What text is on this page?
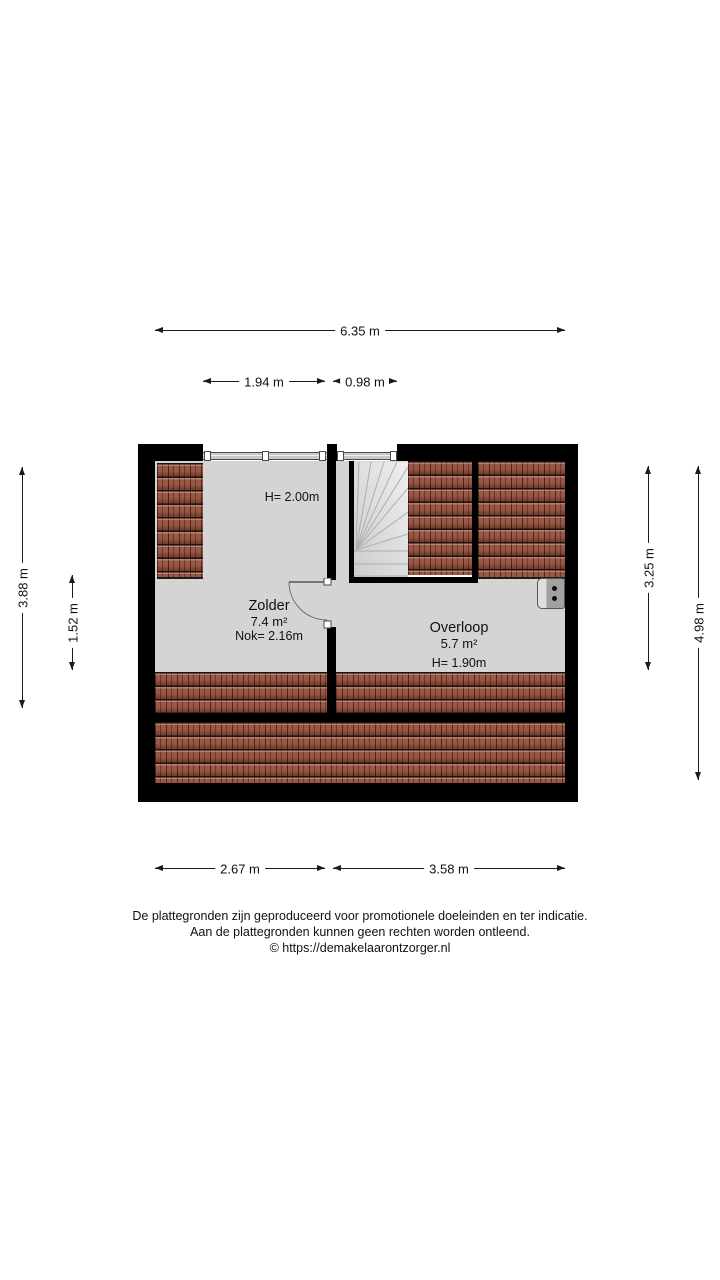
6.35 m
1.94 m	0.98 m
3.88 m
1.52 m
3.25 m
4.98 m
2.67 m	3.58 m
H= 2.00m
Zolder
7.4 m²
Nok= 2.16m	Overloop
5.7 m²
H= 1.90m
De plattegronden zijn geproduceerd voor promotionele doeleinden en ter indicatie.
Aan de plattegronden kunnen geen rechten worden ontleend.
© https://demakelaarontzorger.nl
